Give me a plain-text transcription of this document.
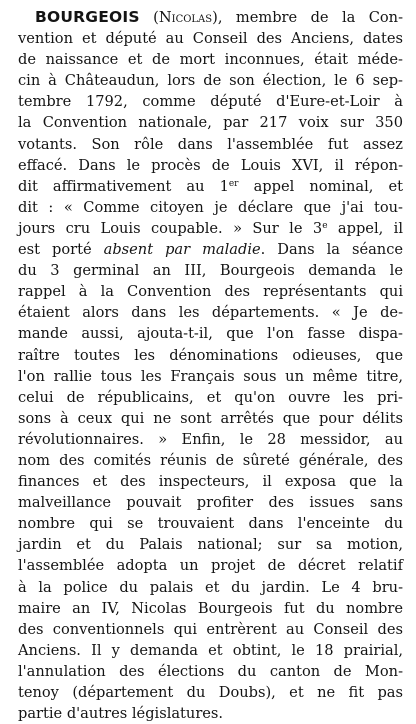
BOURGEOIS (Nicolas), membre de la Con-
vention et député au Conseil des Anciens, dates
de naissance et de mort inconnues, était méde-
cin à Châteaudun, lors de son élection, le 6 sep-
tembre 1792, comme député d'Eure-et-Loir à
la Convention nationale, par 217 voix sur 350
votants. Son rôle dans l'assemblée fut assez
effacé. Dans le procès de Louis XVI, il répon-
dit affirmativement au 1er appel nominal, et
dit : « Comme citoyen je déclare que j'ai tou-
jours cru Louis coupable. » Sur le 3e appel, il
est porté absent par maladie. Dans la séance
du 3 germinal an III, Bourgeois demanda le
rappel à la Convention des représentants qui
étaient alors dans les départements. « Je de-
mande aussi, ajouta-t-il, que l'on fasse dispa-
raître toutes les dénominations odieuses, que
l'on rallie tous les Français sous un même titre,
celui de républicains, et qu'on ouvre les pri-
sons à ceux qui ne sont arrêtés que pour délits
révolutionnaires. » Enfin, le 28 messidor, au
nom des comités réunis de sûreté générale, des
finances et des inspecteurs, il exposa que la
malveillance pouvait profiter des issues sans
nombre qui se trouvaient dans l'enceinte du
jardin et du Palais national; sur sa motion,
l'assemblée adopta un projet de décret relatif
à la police du palais et du jardin. Le 4 bru-
maire an IV, Nicolas Bourgeois fut du nombre
des conventionnels qui entrèrent au Conseil des
Anciens. Il y demanda et obtint, le 18 prairial,
l'annulation des élections du canton de Mon-
tenoy (département du Doubs), et ne fit pas
partie d'autres législatures.
